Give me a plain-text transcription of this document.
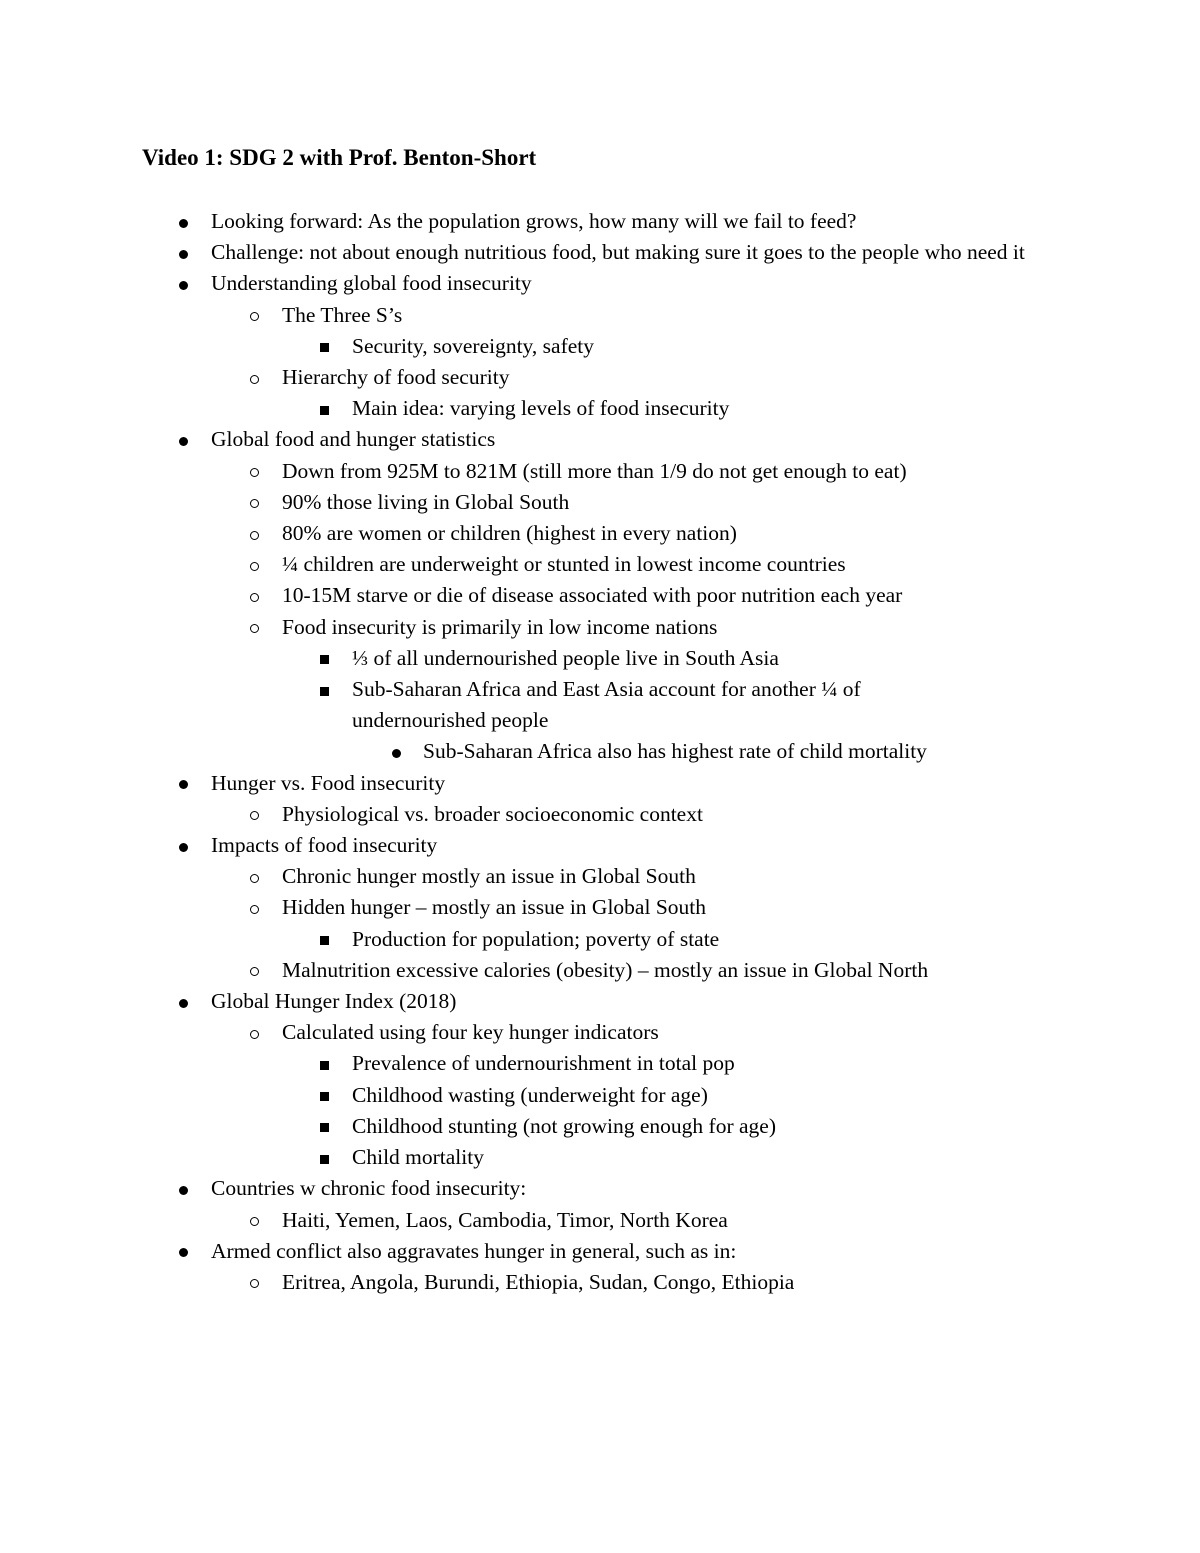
Video 1: SDG 2 with Prof. Benton-Short
Looking forward: As the population grows, how many will we fail to feed?
Challenge: not about enough nutritious food, but making sure it goes to the people who need it
Understanding global food insecurity
The Three S’s
Security, sovereignty, safety
Hierarchy of food security
Main idea: varying levels of food insecurity
Global food and hunger statistics
Down from 925M to 821M (still more than 1/9 do not get enough to eat)
90% those living in Global South
80% are women or children (highest in every nation)
¼ children are underweight or stunted in lowest income countries
10-15M starve or die of disease associated with poor nutrition each year
Food insecurity is primarily in low income nations
⅓ of all undernourished people live in South Asia
Sub-Saharan Africa and East Asia account for another ¼ of undernourished people
Sub-Saharan Africa also has highest rate of child mortality
Hunger vs. Food insecurity
Physiological vs. broader socioeconomic context
Impacts of food insecurity
Chronic hunger mostly an issue in Global South
Hidden hunger – mostly an issue in Global South
Production for population; poverty of state
Malnutrition excessive calories (obesity) – mostly an issue in Global North
Global Hunger Index (2018)
Calculated using four key hunger indicators
Prevalence of undernourishment in total pop
Childhood wasting (underweight for age)
Childhood stunting (not growing enough for age)
Child mortality
Countries w chronic food insecurity:
Haiti, Yemen, Laos, Cambodia, Timor, North Korea
Armed conflict also aggravates hunger in general, such as in:
Eritrea, Angola, Burundi, Ethiopia, Sudan, Congo, Ethiopia
